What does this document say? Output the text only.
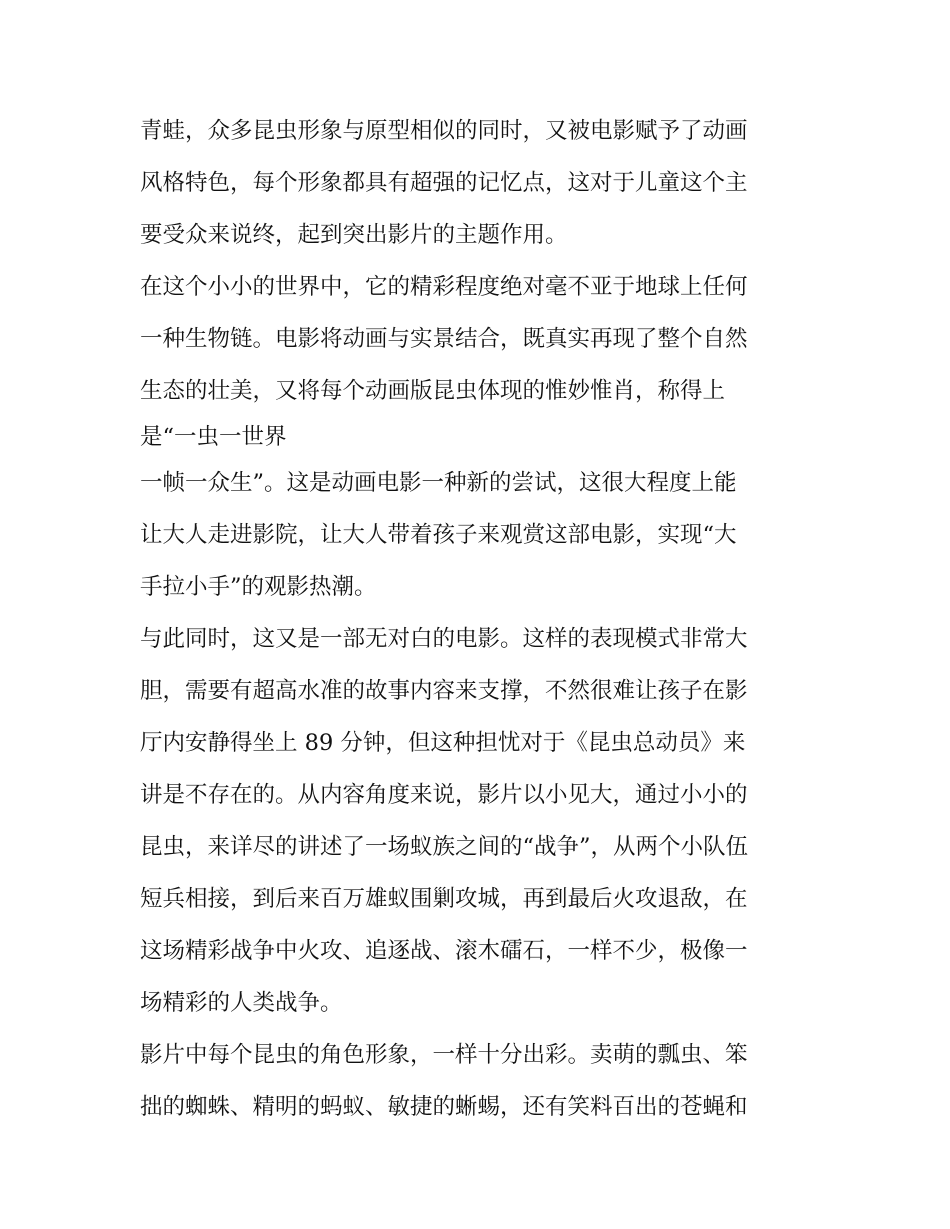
青蛙，众多昆虫形象与原型相似的同时，又被电影赋予了动画
风格特色，每个形象都具有超强的记忆点，这对于儿童这个主
要受众来说终，起到突出影片的主题作用。
在这个小小的世界中，它的精彩程度绝对毫不亚于地球上任何
一种生物链。电影将动画与实景结合，既真实再现了整个自然
生态的壮美，又将每个动画版昆虫体现的惟妙惟肖，称得上
是“一虫一世界
一帧一众生”。这是动画电影一种新的尝试，这很大程度上能
让大人走进影院，让大人带着孩子来观赏这部电影，实现“大
手拉小手”的观影热潮。
与此同时，这又是一部无对白的电影。这样的表现模式非常大
胆，需要有超高水准的故事内容来支撑，不然很难让孩子在影
厅内安静得坐上 89 分钟，但这种担忧对于《昆虫总动员》来
讲是不存在的。从内容角度来说，影片以小见大，通过小小的
昆虫，来详尽的讲述了一场蚁族之间的“战争”，从两个小队伍
短兵相接，到后来百万雄蚁围剿攻城，再到最后火攻退敌，在
这场精彩战争中火攻、追逐战、滚木礌石，一样不少，极像一
场精彩的人类战争。
影片中每个昆虫的角色形象，一样十分出彩。卖萌的瓢虫、笨
拙的蜘蛛、精明的蚂蚁、敏捷的蜥蜴，还有笑料百出的苍蝇和
